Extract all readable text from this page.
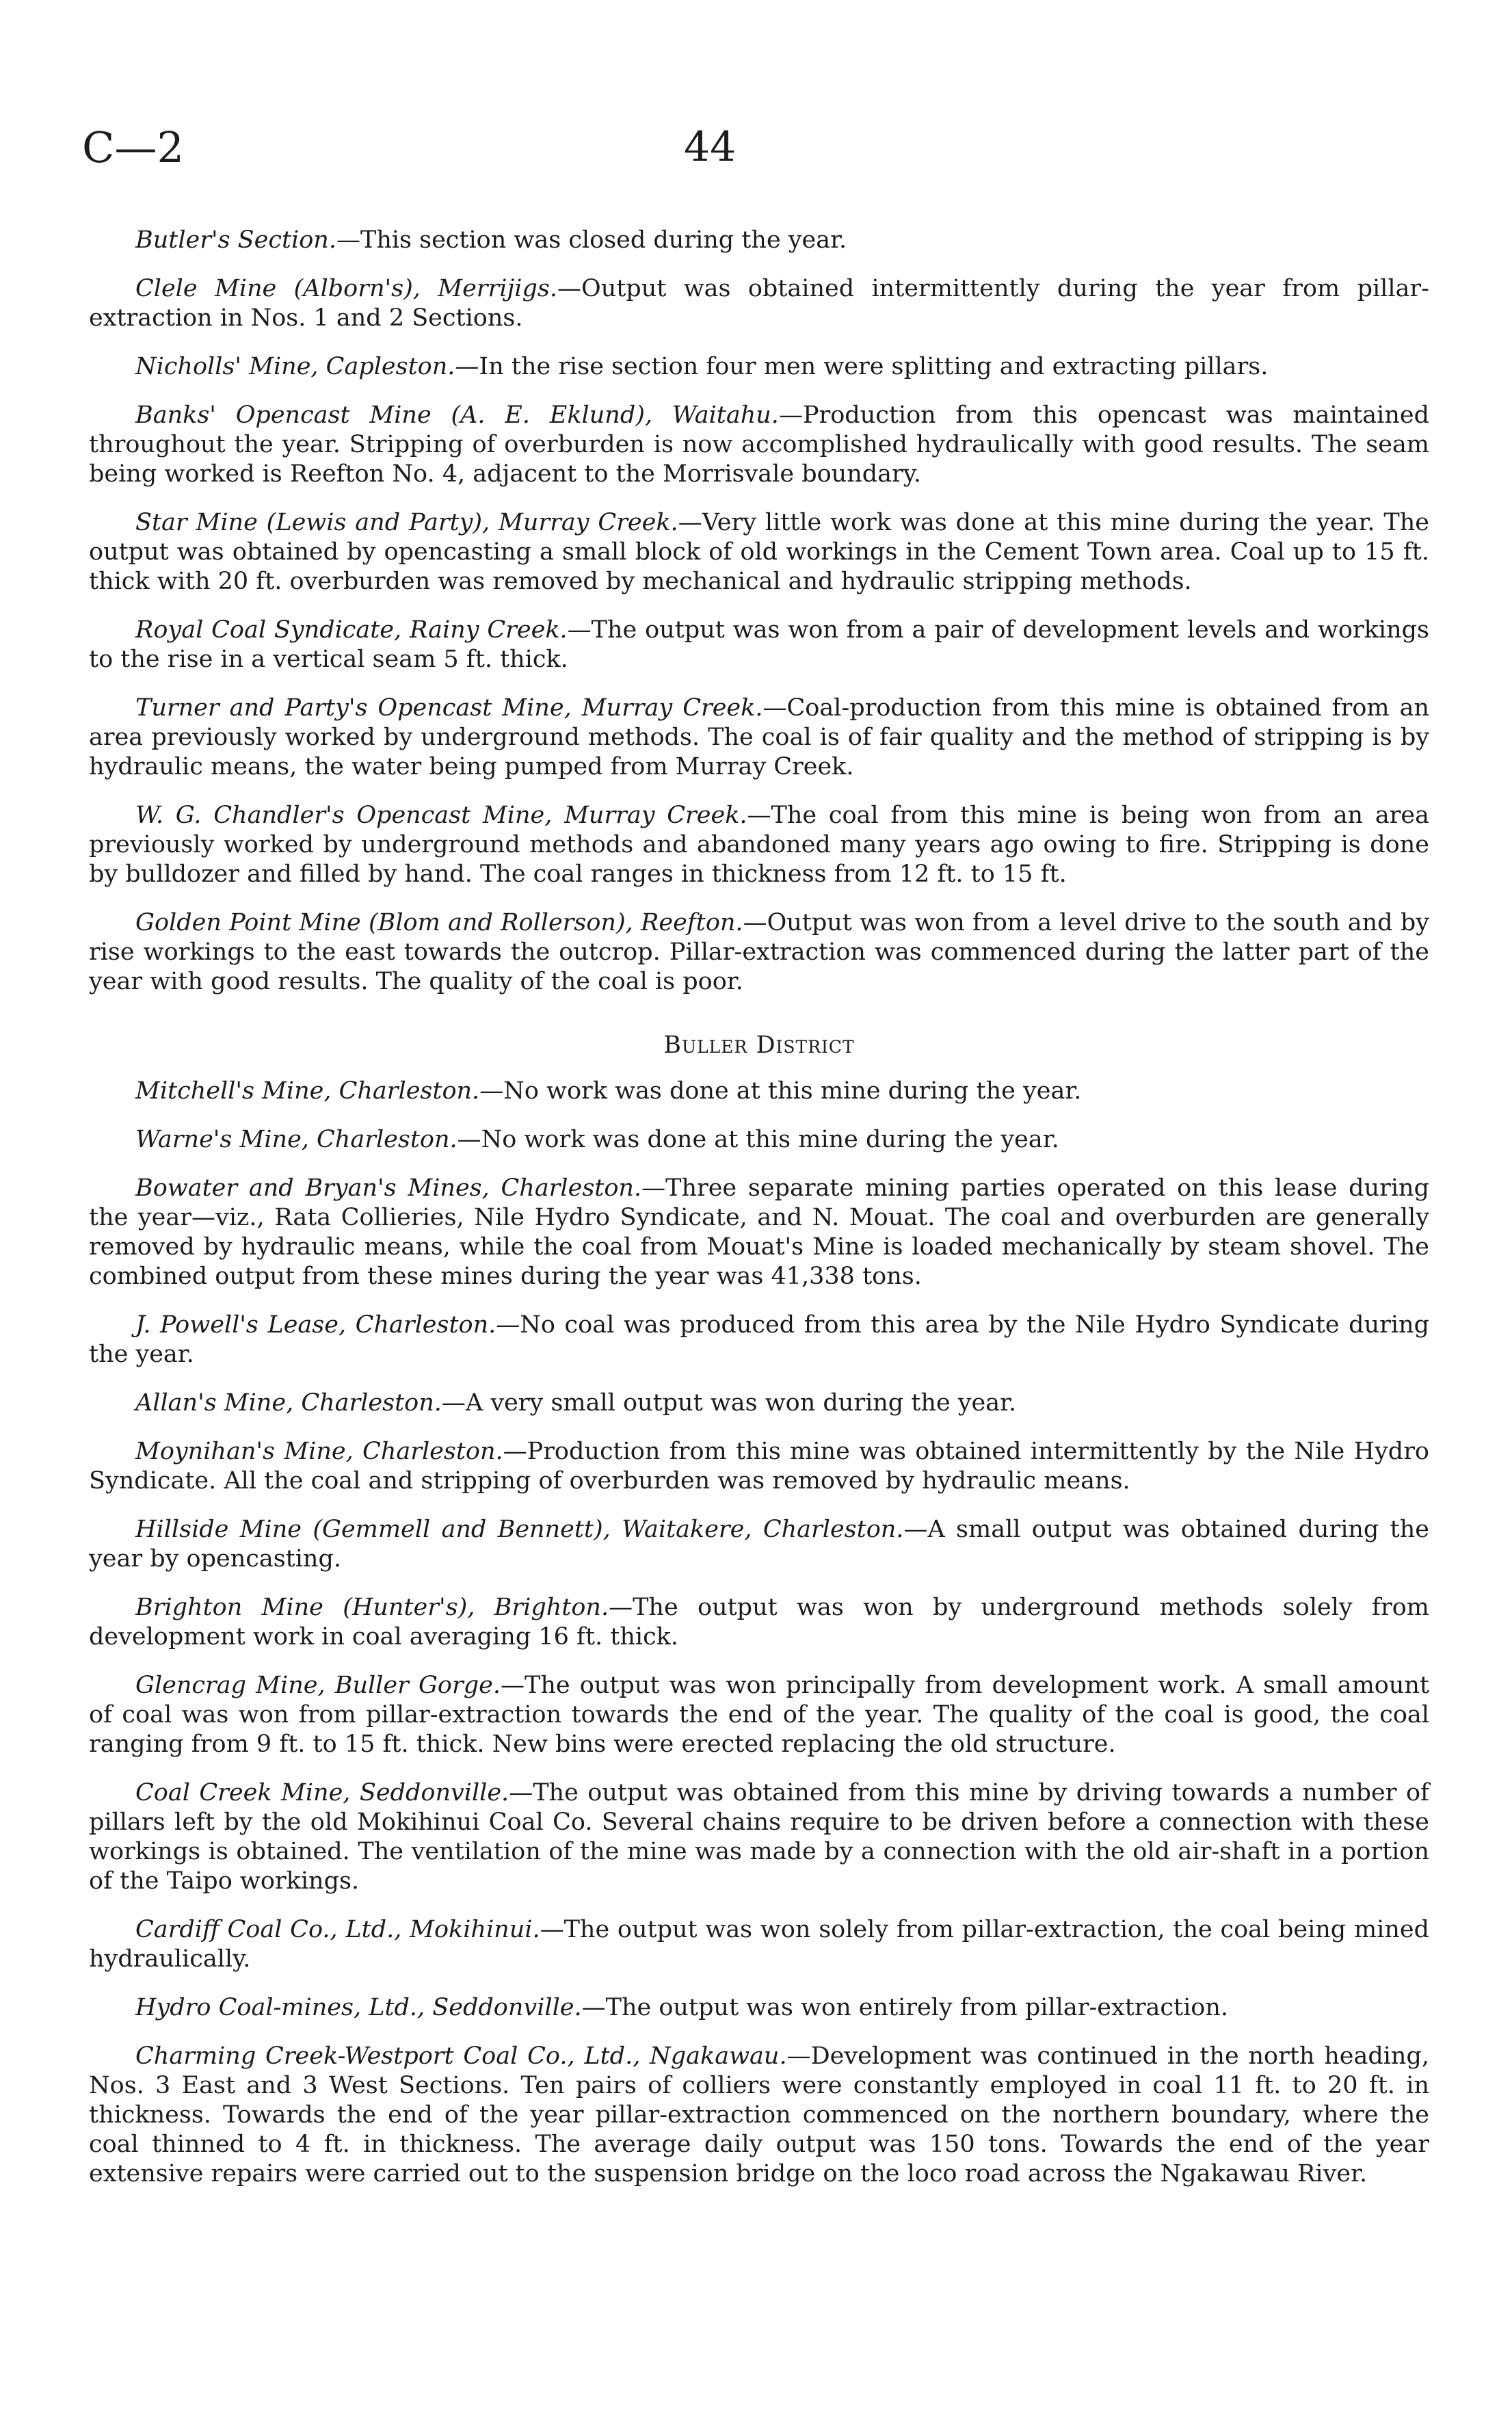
C—2	44

Butler's Section.—This section was closed during the year.

Clele Mine (Alborn's), Merrijigs.—Output was obtained intermittently during the year from pillar-extraction in Nos. 1 and 2 Sections.

Nicholls' Mine, Capleston.—In the rise section four men were splitting and extracting pillars.

Banks' Opencast Mine (A. E. Eklund), Waitahu.—Production from this opencast was maintained throughout the year. Stripping of overburden is now accomplished hydraulically with good results. The seam being worked is Reefton No. 4, adjacent to the Morrisvale boundary.

Star Mine (Lewis and Party), Murray Creek.—Very little work was done at this mine during the year. The output was obtained by opencasting a small block of old workings in the Cement Town area. Coal up to 15 ft. thick with 20 ft. overburden was removed by mechanical and hydraulic stripping methods.

Royal Coal Syndicate, Rainy Creek.—The output was won from a pair of development levels and workings to the rise in a vertical seam 5 ft. thick.

Turner and Party's Opencast Mine, Murray Creek.—Coal-production from this mine is obtained from an area previously worked by underground methods. The coal is of fair quality and the method of stripping is by hydraulic means, the water being pumped from Murray Creek.

W. G. Chandler's Opencast Mine, Murray Creek.—The coal from this mine is being won from an area previously worked by underground methods and abandoned many years ago owing to fire. Stripping is done by bulldozer and filled by hand. The coal ranges in thickness from 12 ft. to 15 ft.

Golden Point Mine (Blom and Rollerson), Reefton.—Output was won from a level drive to the south and by rise workings to the east towards the outcrop. Pillar-extraction was commenced during the latter part of the year with good results. The quality of the coal is poor.

Buller District

Mitchell's Mine, Charleston.—No work was done at this mine during the year.

Warne's Mine, Charleston.—No work was done at this mine during the year.

Bowater and Bryan's Mines, Charleston.—Three separate mining parties operated on this lease during the year—viz., Rata Collieries, Nile Hydro Syndicate, and N. Mouat. The coal and overburden are generally removed by hydraulic means, while the coal from Mouat's Mine is loaded mechanically by steam shovel. The combined output from these mines during the year was 41,338 tons.

J. Powell's Lease, Charleston.—No coal was produced from this area by the Nile Hydro Syndicate during the year.

Allan's Mine, Charleston.—A very small output was won during the year.

Moynihan's Mine, Charleston.—Production from this mine was obtained intermittently by the Nile Hydro Syndicate. All the coal and stripping of overburden was removed by hydraulic means.

Hillside Mine (Gemmell and Bennett), Waitakere, Charleston.—A small output was obtained during the year by opencasting.

Brighton Mine (Hunter's), Brighton.—The output was won by underground methods solely from development work in coal averaging 16 ft. thick.

Glencrag Mine, Buller Gorge.—The output was won principally from development work. A small amount of coal was won from pillar-extraction towards the end of the year. The quality of the coal is good, the coal ranging from 9 ft. to 15 ft. thick. New bins were erected replacing the old structure.

Coal Creek Mine, Seddonville.—The output was obtained from this mine by driving towards a number of pillars left by the old Mokihinui Coal Co. Several chains require to be driven before a connection with these workings is obtained. The ventilation of the mine was made by a connection with the old air-shaft in a portion of the Taipo workings.

Cardiff Coal Co., Ltd., Mokihinui.—The output was won solely from pillar-extraction, the coal being mined hydraulically.

Hydro Coal-mines, Ltd., Seddonville.—The output was won entirely from pillar-extraction.

Charming Creek-Westport Coal Co., Ltd., Ngakawau.—Development was continued in the north heading, Nos. 3 East and 3 West Sections. Ten pairs of colliers were constantly employed in coal 11 ft. to 20 ft. in thickness. Towards the end of the year pillar-extraction commenced on the northern boundary, where the coal thinned to 4 ft. in thickness. The average daily output was 150 tons. Towards the end of the year extensive repairs were carried out to the suspension bridge on the loco road across the Ngakawau River.
